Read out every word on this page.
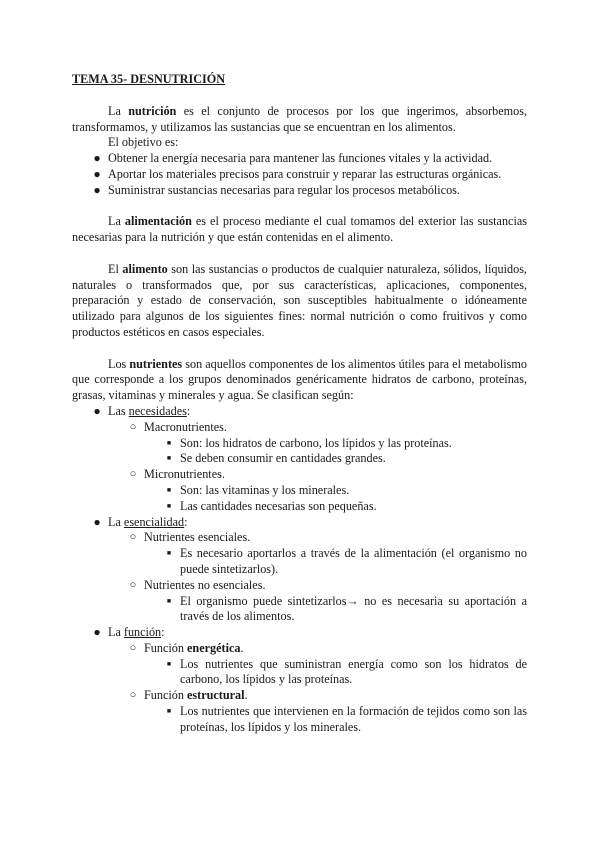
TEMA 35- DESNUTRICIÓN

La nutrición es el conjunto de procesos por los que ingerimos, absorbemos, transformamos, y utilizamos las sustancias que se encuentran en los alimentos.

El objetivo es:

● Obtener la energía necesaria para mantener las funciones vitales y la actividad.
● Aportar los materiales precisos para construir y reparar las estructuras orgánicas.
● Suministrar sustancias necesarias para regular los procesos metabólicos.

La alimentación es el proceso mediante el cual tomamos del exterior las sustancias necesarias para la nutrición y que están contenidas en el alimento.

El alimento son las sustancias o productos de cualquier naturaleza, sólidos, líquidos, naturales o transformados que, por sus características, aplicaciones, componentes, preparación y estado de conservación, son susceptibles habitualmente o idóneamente utilizado para algunos de los siguientes fines: normal nutrición o como fruitivos y como productos estéticos en casos especiales.

Los nutrientes son aquellos componentes de los alimentos útiles para el metabolismo que corresponde a los grupos denominados genéricamente hidratos de carbono, proteínas, grasas, vitaminas y minerales y agua. Se clasifican según:

● Las necesidades:
○ Macronutrientes.
■ Son: los hidratos de carbono, los lípidos y las proteínas.
■ Se deben consumir en cantidades grandes.
○ Micronutrientes.
■ Son: las vitaminas y los minerales.
■ Las cantidades necesarias son pequeñas.
● La esencialidad:
○ Nutrientes esenciales.
■ Es necesario aportarlos a través de la alimentación (el organismo no puede sintetizarlos).
○ Nutrientes no esenciales.
■ El organismo puede sintetizarlos→ no es necesaria su aportación a través de los alimentos.
● La función:
○ Función energética.
■ Los nutrientes que suministran energía como son los hidratos de carbono, los lípidos y las proteínas.
○ Función estructural.
■ Los nutrientes que intervienen en la formación de tejidos como son las proteínas, los lípidos y los minerales.
